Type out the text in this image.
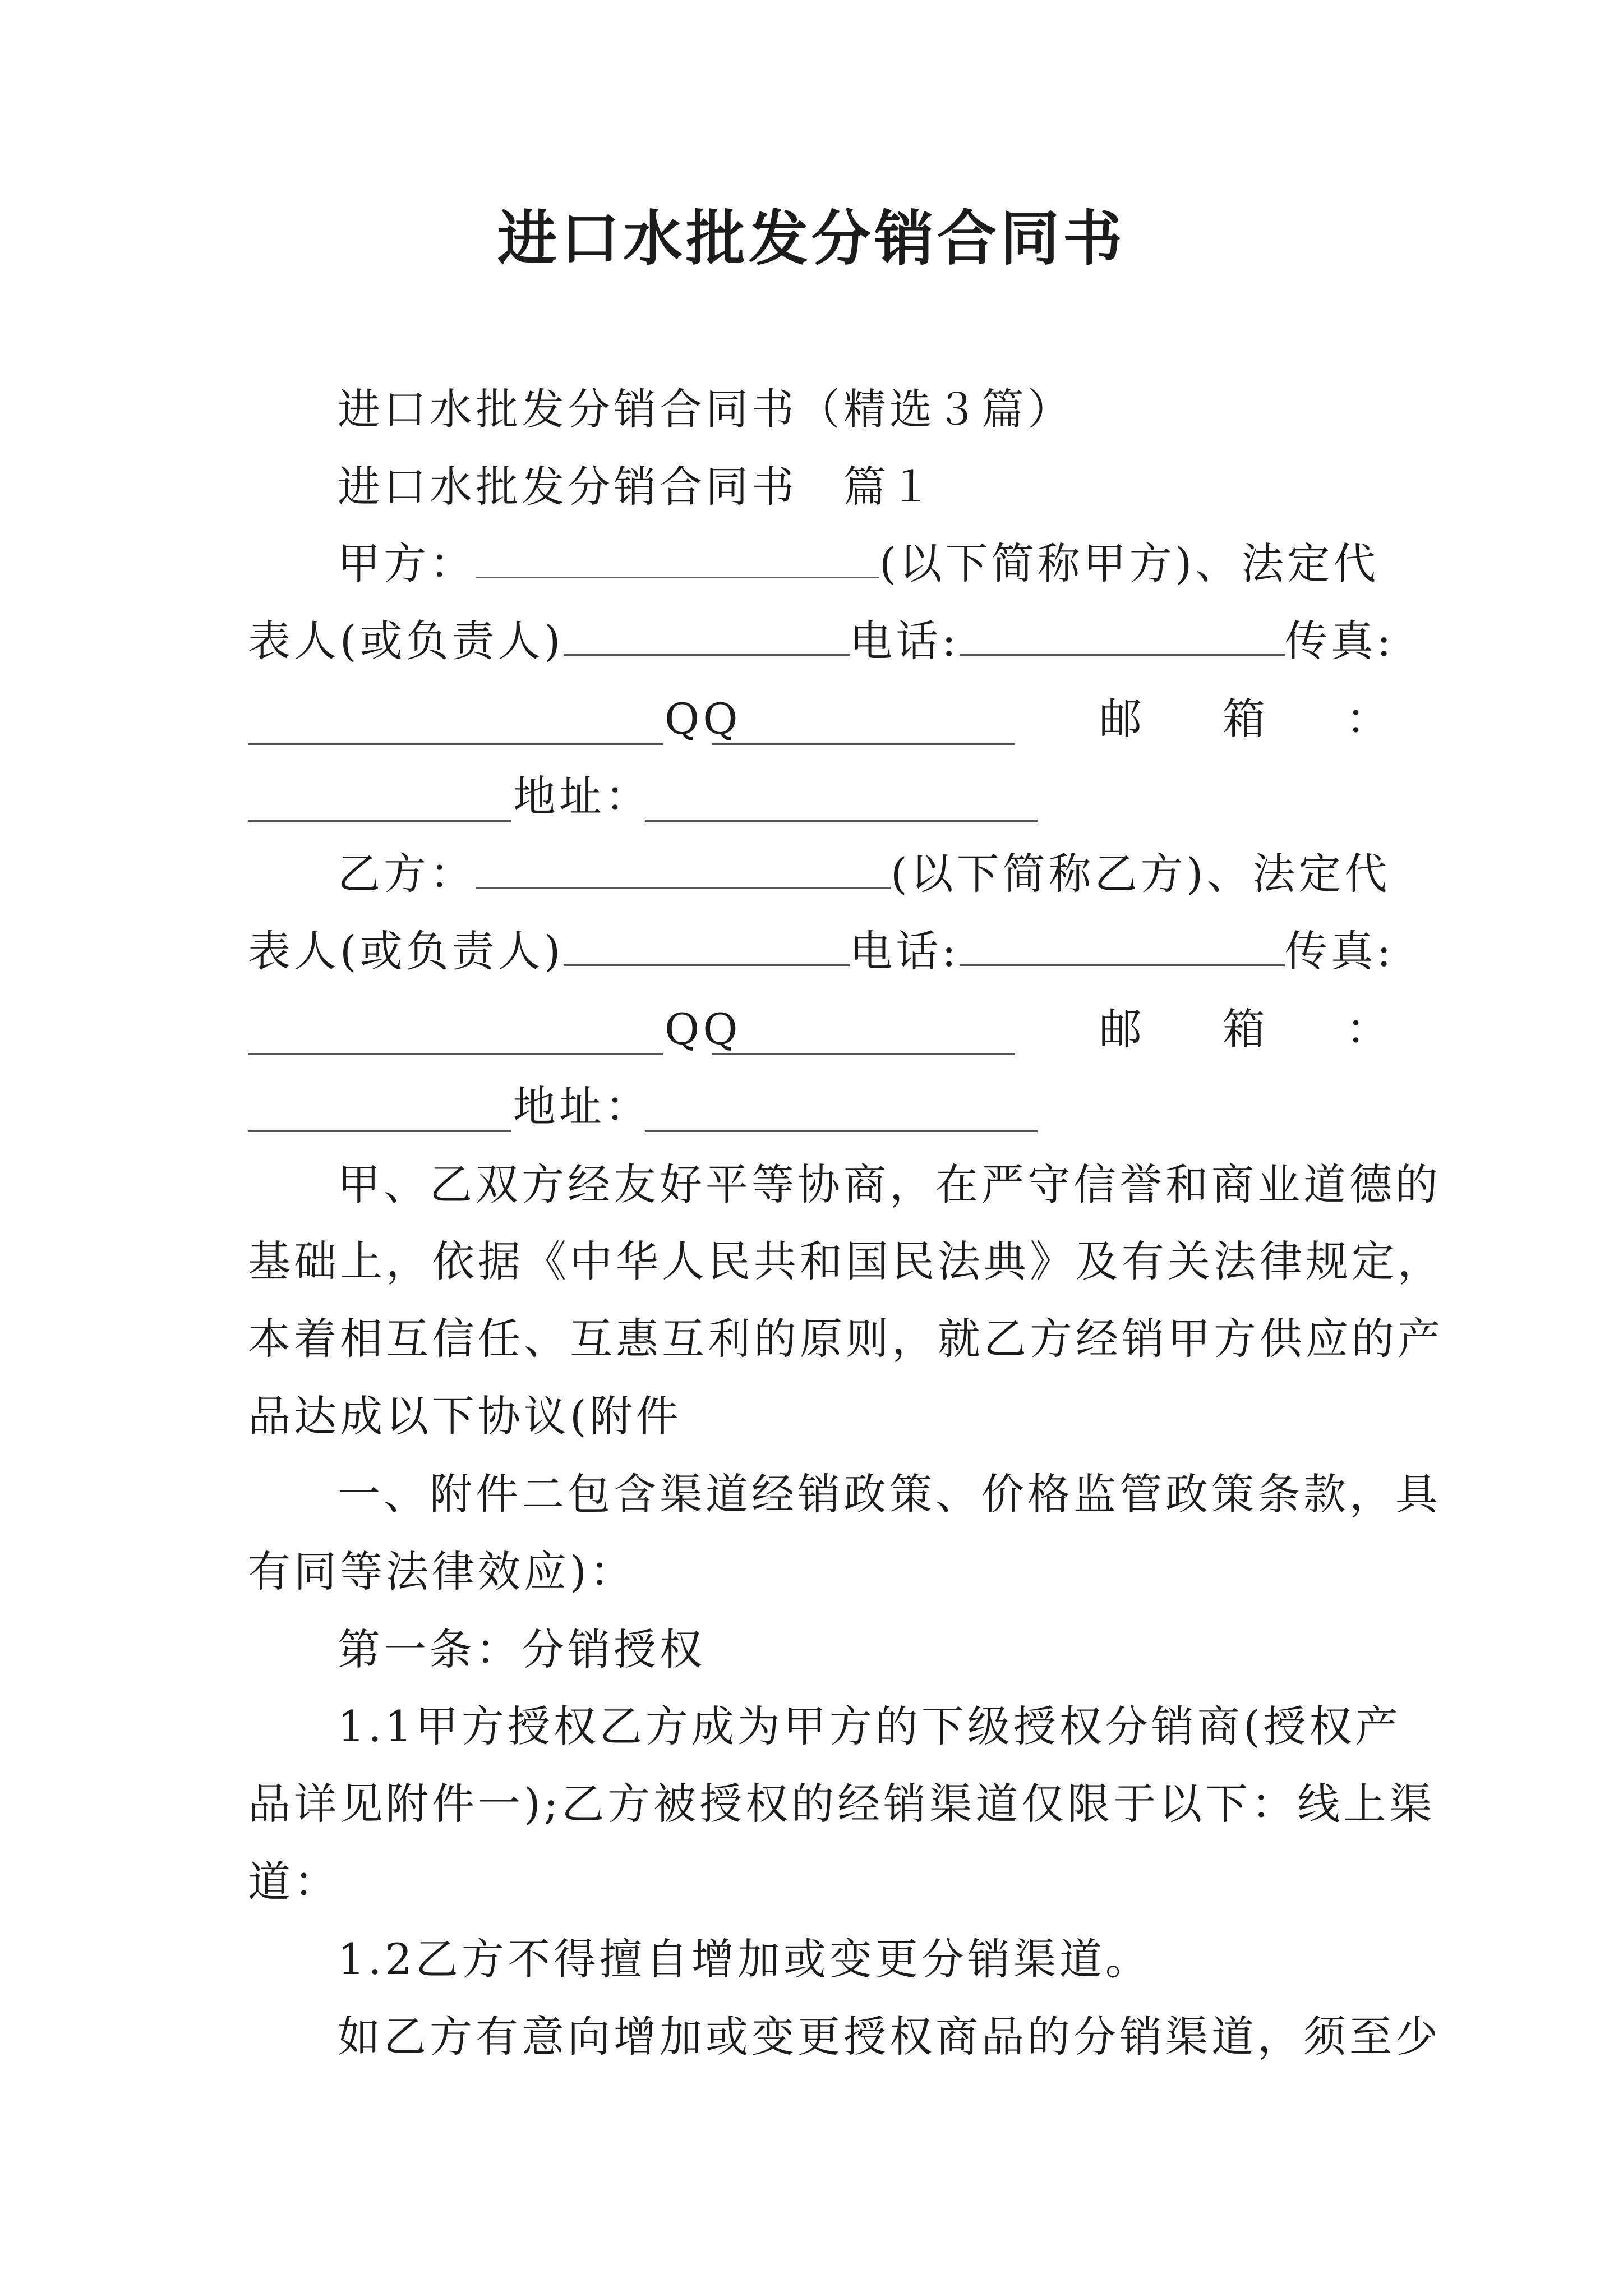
进口水批发分销合同书
进口水批发分销合同书（精选３篇）
进口水批发分销合同书　篇１
甲方：	(以下简称甲方)、法定代
表人(或负责人)	电话:	传真:
QQ	邮 箱 ：
地址：
乙方：	(以下简称乙方)、法定代
表人(或负责人)	电话:	传真:
QQ	邮 箱 ：
地址：
甲、乙双方经友好平等协商，在严守信誉和商业道德的
基础上，依据《中华人民共和国民法典》及有关法律规定，
本着相互信任、互惠互利的原则，就乙方经销甲方供应的产
品达成以下协议(附件
一、附件二包含渠道经销政策、价格监管政策条款，具
有同等法律效应)：
第一条：分销授权
1.1甲方授权乙方成为甲方的下级授权分销商(授权产
品详见附件一);乙方被授权的经销渠道仅限于以下：线上渠
道：
1.2乙方不得擅自增加或变更分销渠道。
如乙方有意向增加或变更授权商品的分销渠道，须至少
